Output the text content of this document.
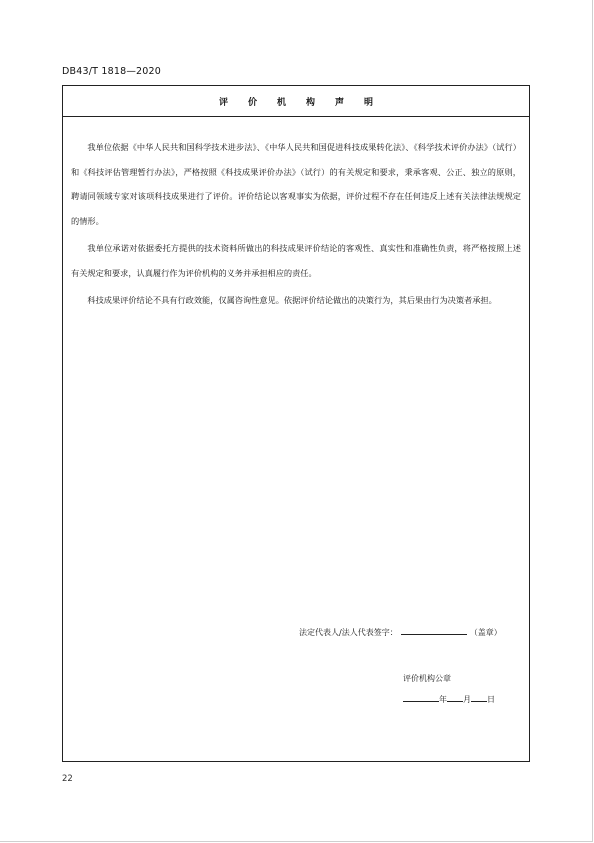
DB43/T 1818—2020
评价机构声明

我单位依据《中华人民共和国科学技术进步法》、《中华人民共和国促进科技成果转化法》、《科学技术评价办法》（试行）和《科技评估管理暂行办法》，严格按照《科技成果评价办法》（试行）的有关规定和要求，秉承客观、公正、独立的原则，聘请同领域专家对该项科技成果进行了评价。评价结论以客观事实为依据，评价过程不存在任何违反上述有关法律法规规定的情形。

我单位承诺对依据委托方提供的技术资料所做出的科技成果评价结论的客观性、真实性和准确性负责，将严格按照上述有关规定和要求，认真履行作为评价机构的义务并承担相应的责任。

科技成果评价结论不具有行政效能，仅属咨询性意见。依据评价结论做出的决策行为，其后果由行为决策者承担。

法定代表人/法人代表签字：	（盖章）
评价机构公章
年 月 日
22
